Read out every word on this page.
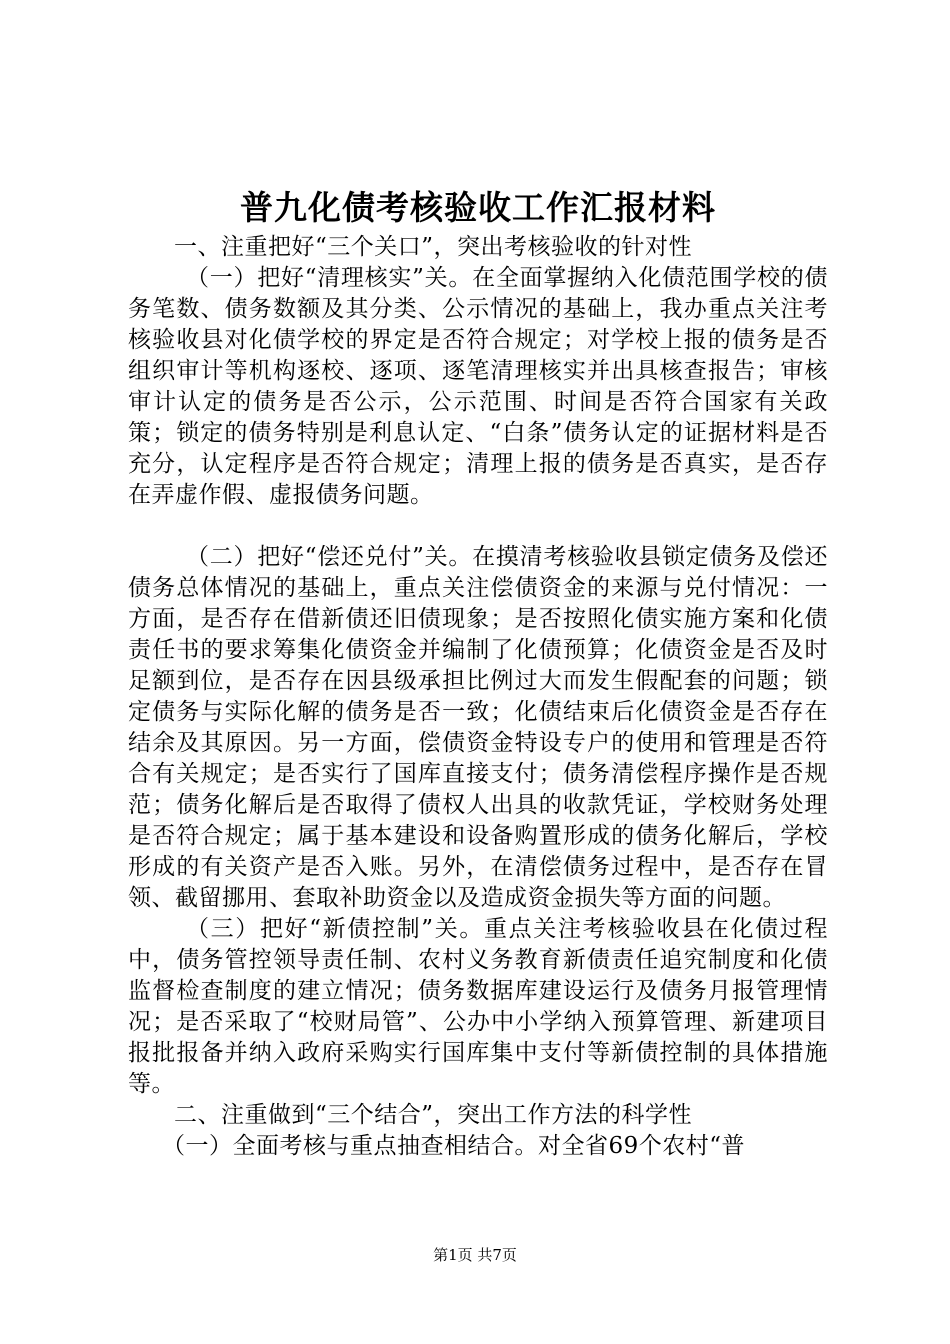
普九化债考核验收工作汇报材料

一、注重把好“三个关口”，突出考核验收的针对性

（一）把好“清理核实”关。在全面掌握纳入化债范围学校的债务笔数、债务数额及其分类、公示情况的基础上，我办重点关注考核验收县对化债学校的界定是否符合规定；对学校上报的债务是否组织审计等机构逐校、逐项、逐笔清理核实并出具核查报告；审核审计认定的债务是否公示，公示范围、时间是否符合国家有关政策；锁定的债务特别是利息认定、“白条”债务认定的证据材料是否充分，认定程序是否符合规定；清理上报的债务是否真实，是否存在弄虚作假、虚报债务问题。

（二）把好“偿还兑付”关。在摸清考核验收县锁定债务及偿还债务总体情况的基础上，重点关注偿债资金的来源与兑付情况：一方面，是否存在借新债还旧债现象；是否按照化债实施方案和化债责任书的要求筹集化债资金并编制了化债预算；化债资金是否及时足额到位，是否存在因县级承担比例过大而发生假配套的问题；锁定债务与实际化解的债务是否一致；化债结束后化债资金是否存在结余及其原因。另一方面，偿债资金特设专户的使用和管理是否符合有关规定；是否实行了国库直接支付；债务清偿程序操作是否规范；债务化解后是否取得了债权人出具的收款凭证，学校财务处理是否符合规定；属于基本建设和设备购置形成的债务化解后，学校形成的有关资产是否入账。另外，在清偿债务过程中，是否存在冒领、截留挪用、套取补助资金以及造成资金损失等方面的问题。

（三）把好“新债控制”关。重点关注考核验收县在化债过程中，债务管控领导责任制、农村义务教育新债责任追究制度和化债监督检查制度的建立情况；债务数据库建设运行及债务月报管理情况；是否采取了“校财局管”、公办中小学纳入预算管理、新建项目报批报备并纳入政府采购实行国库集中支付等新债控制的具体措施等。

二、注重做到“三个结合”，突出工作方法的科学性

（一）全面考核与重点抽查相结合。对全省69个农村“普

第1页 共7页
